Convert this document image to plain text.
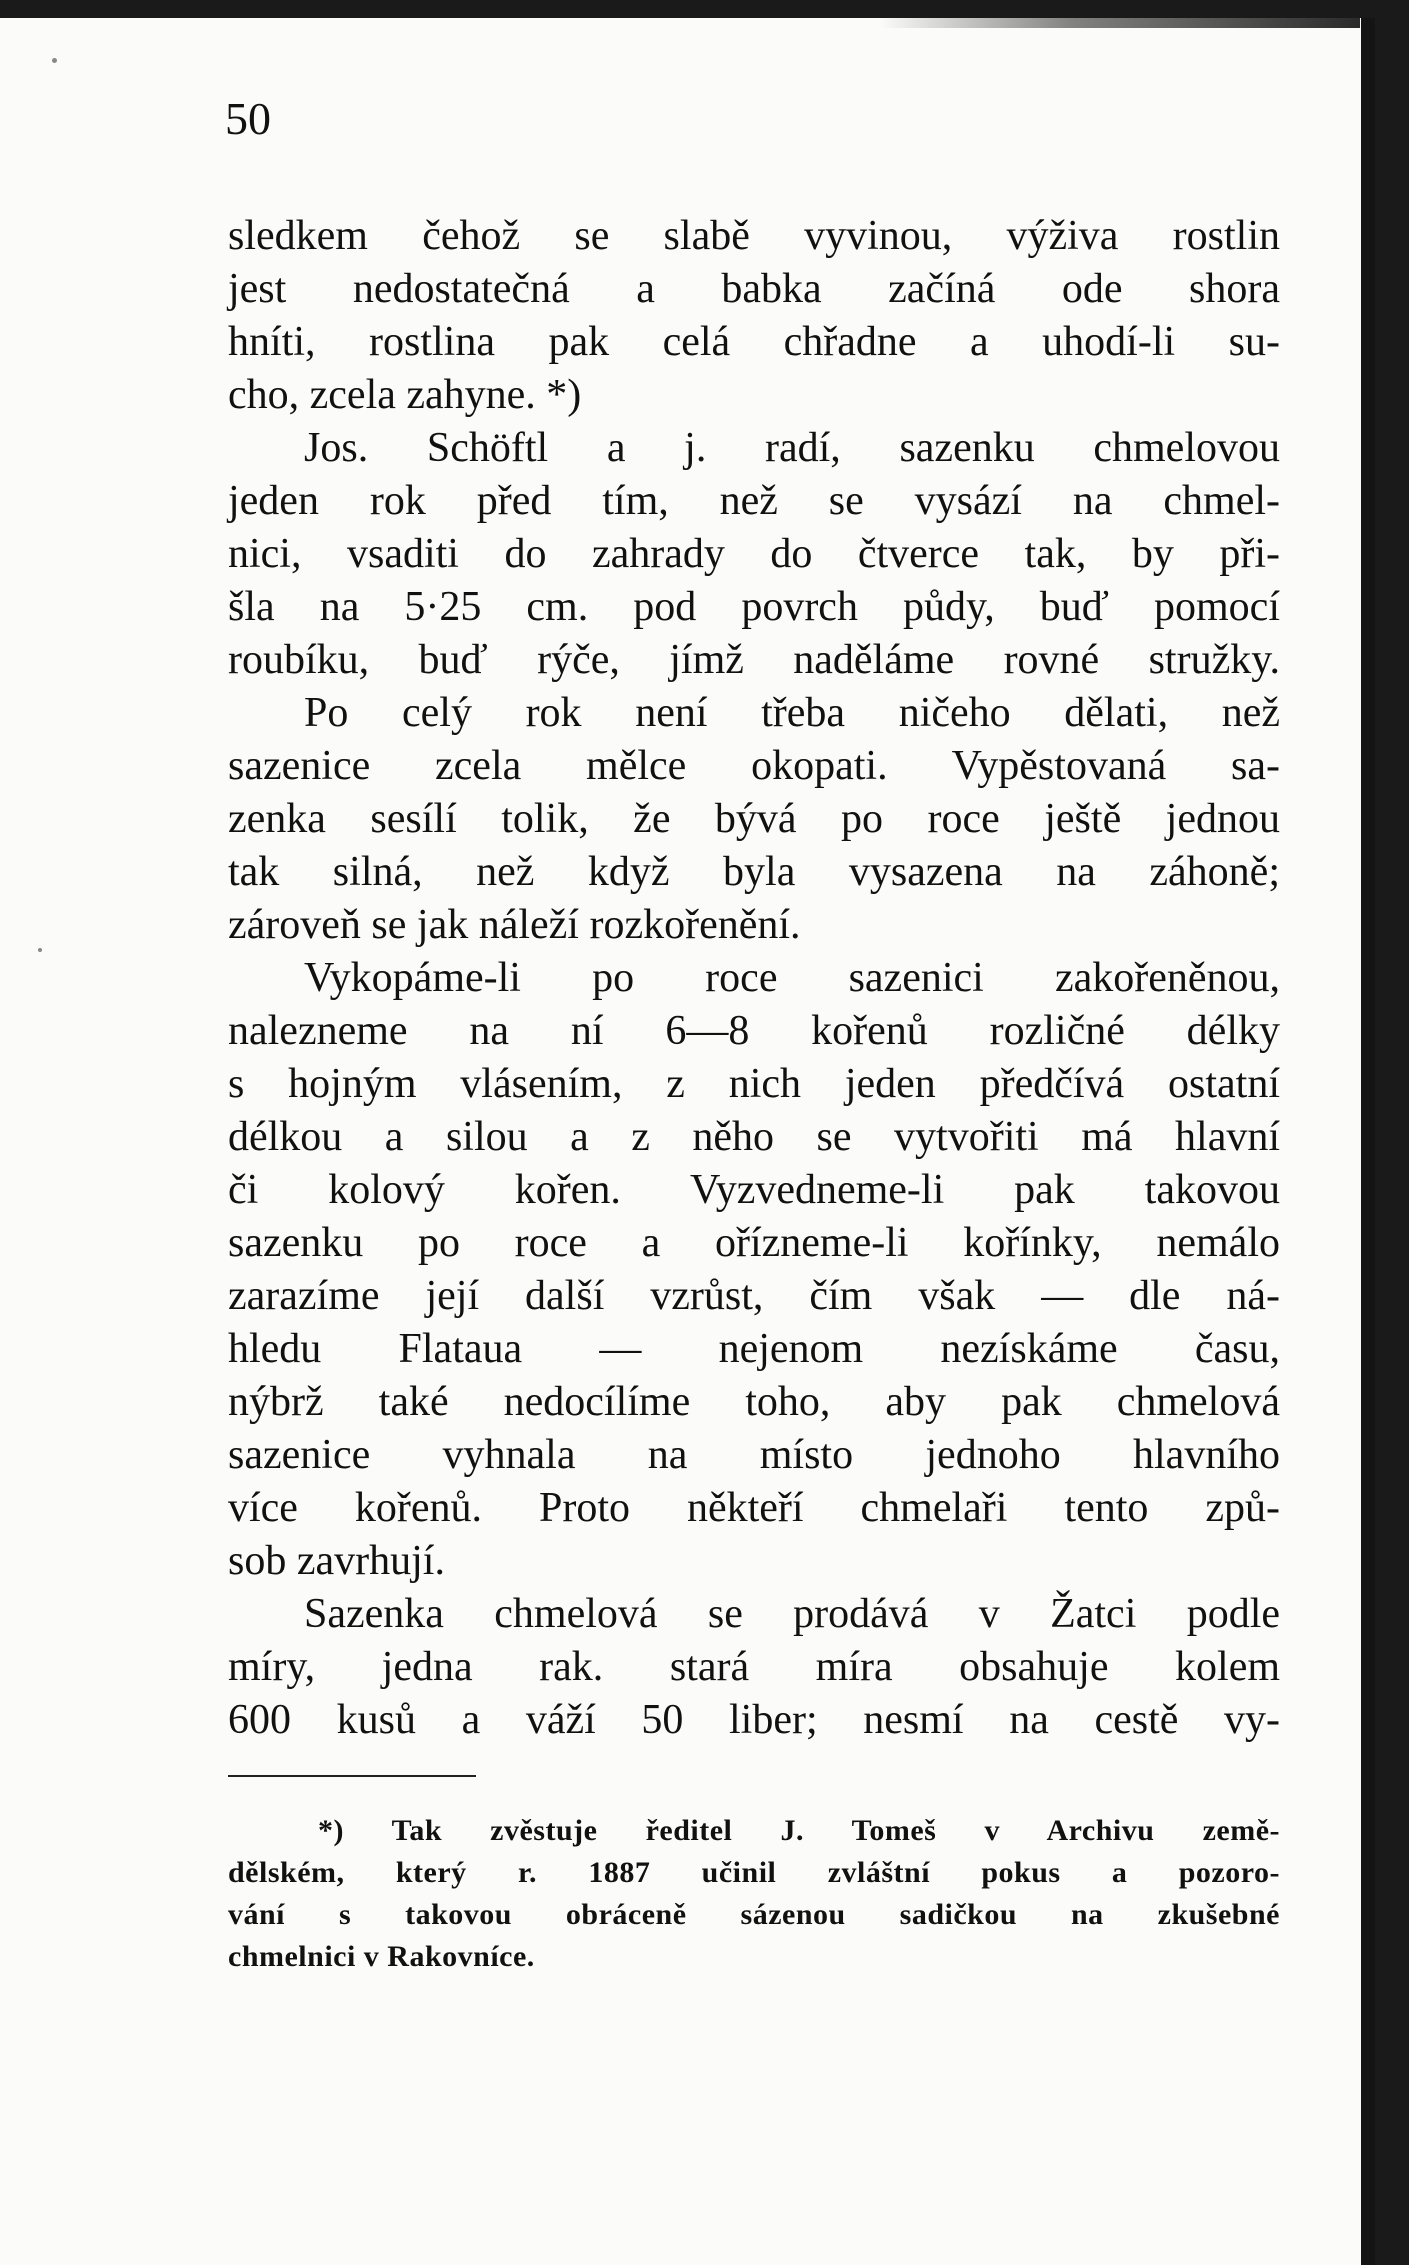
50
sledkem čehož se slabě vyvinou, výživa rostlin
jest nedostatečná a babka začíná ode shora
hníti, rostlina pak celá chřadne a uhodí-li su-
cho, zcela zahyne. *)
Jos. Schöftl a j. radí, sazenku chmelovou
jeden rok před tím, než se vysází na chmel-
nici, vsaditi do zahrady do čtverce tak, by při-
šla na 5·25 cm. pod povrch půdy, buď pomocí
roubíku, buď rýče, jímž naděláme rovné stružky.
Po celý rok není třeba ničeho dělati, než
sazenice zcela mělce okopati. Vypěstovaná sa-
zenka sesílí tolik, že bývá po roce ještě jednou
tak silná, než když byla vysazena na záhoně;
zároveň se jak náleží rozkořenění.
Vykopáme-li po roce sazenici zakořeněnou,
nalezneme na ní 6—8 kořenů rozličné délky
s hojným vlásením, z nich jeden předčívá ostatní
délkou a silou a z něho se vytvořiti má hlavní
či kolový kořen. Vyzvedneme-li pak takovou
sazenku po roce a ořízneme-li kořínky, nemálo
zarazíme její další vzrůst, čím však — dle ná-
hledu Flataua — nejenom nezískáme času,
nýbrž také nedocílíme toho, aby pak chmelová
sazenice vyhnala na místo jednoho hlavního
více kořenů. Proto někteří chmelaři tento způ-
sob zavrhují.
Sazenka chmelová se prodává v Žatci podle
míry, jedna rak. stará míra obsahuje kolem
600 kusů a váží 50 liber; nesmí na cestě vy-
*) Tak zvěstuje ředitel J. Tomeš v Archivu země-
dělském, který r. 1887 učinil zvláštní pokus a pozoro-
vání s takovou obráceně sázenou sadičkou na zkušebné
chmelnici v Rakovníce.
